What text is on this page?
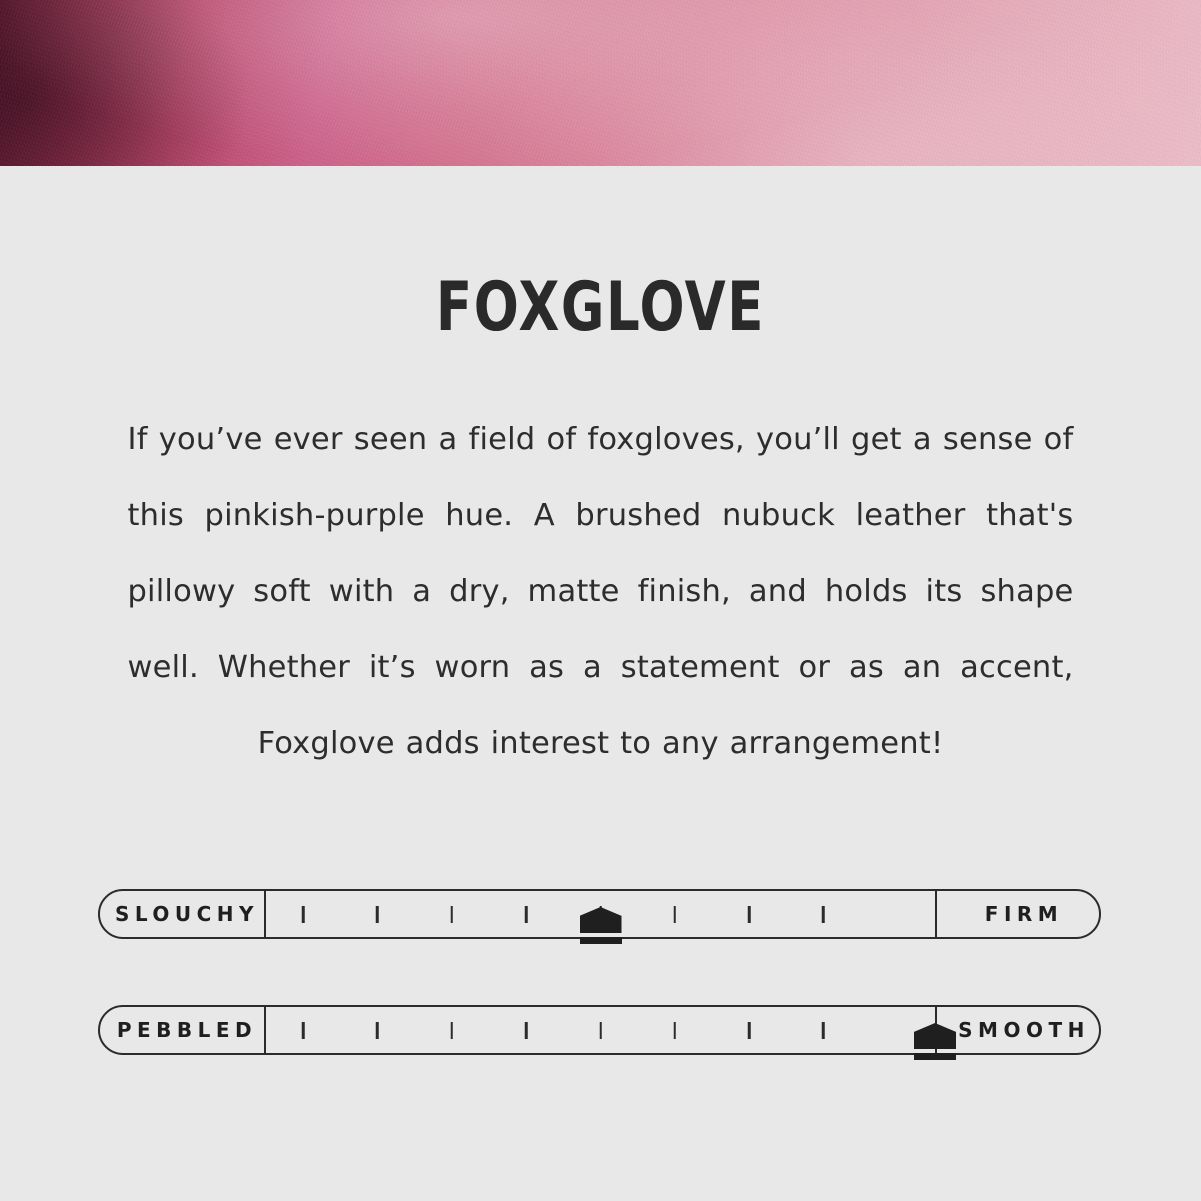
FOXGLOVE

If you’ve ever seen a field of foxgloves, you’ll get a sense of this pinkish-purple hue. A brushed nubuck leather that's pillowy soft with a dry, matte finish, and holds its shape well. Whether it’s worn as a statement or as an accent, Foxglove adds interest to any arrangement!

SLOUCHY	FIRM
PEBBLED	SMOOTH
